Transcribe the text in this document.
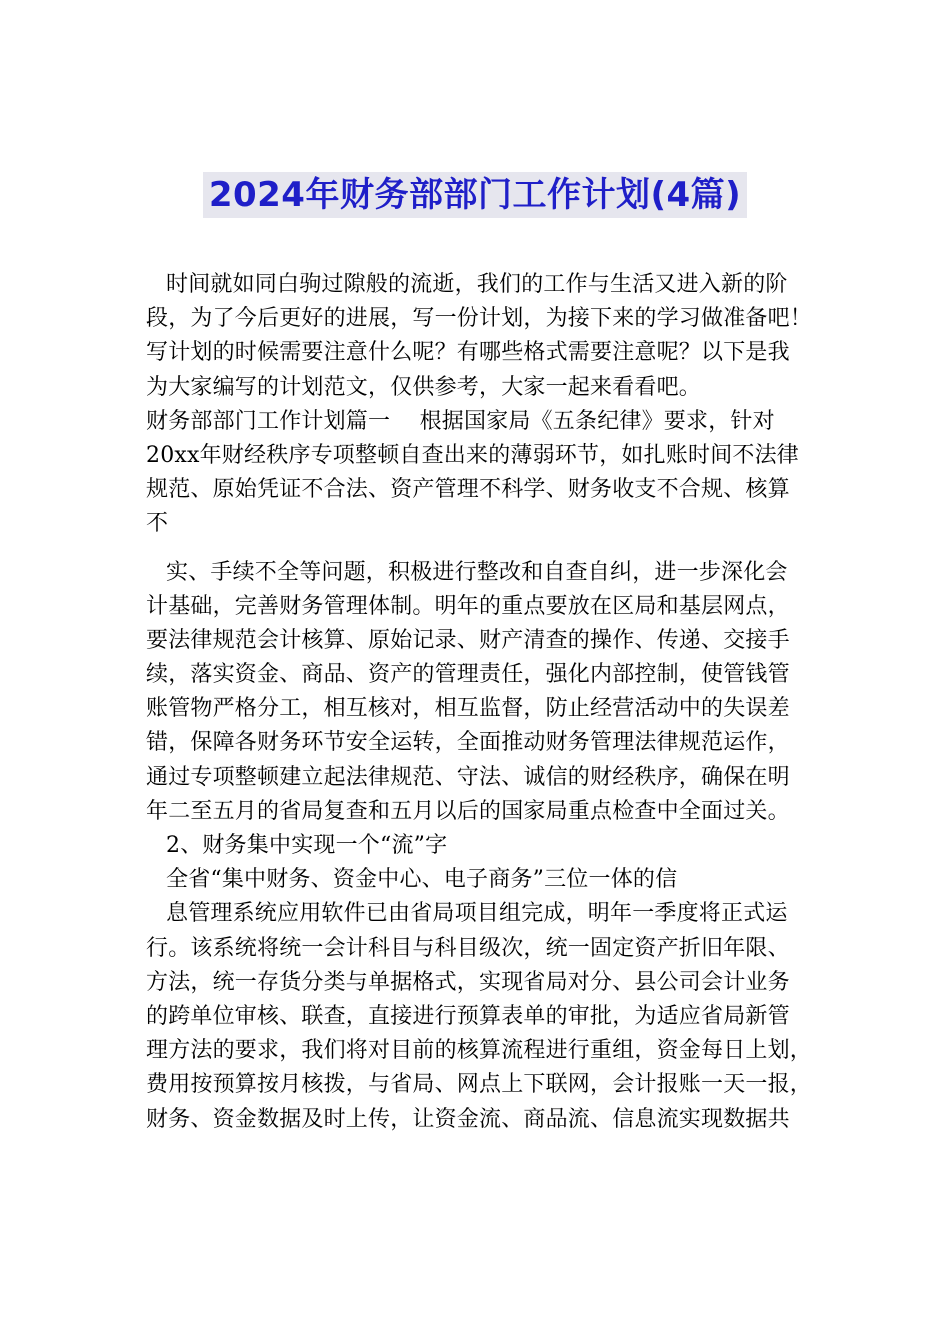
2024年财务部部门工作计划(4篇)
时间就如同白驹过隙般的流逝，我们的工作与生活又进入新的阶
段，为了今后更好的进展，写一份计划，为接下来的学习做准备吧！
写计划的时候需要注意什么呢？有哪些格式需要注意呢？以下是我
为大家编写的计划范文，仅供参考，大家一起来看看吧。
财务部部门工作计划篇一　 根据国家局《五条纪律》要求，针对
20xx年财经秩序专项整顿自查出来的薄弱环节，如扎账时间不法律
规范、原始凭证不合法、资产管理不科学、财务收支不合规、核算
不
实、手续不全等问题，积极进行整改和自查自纠，进一步深化会
计基础，完善财务管理体制。明年的重点要放在区局和基层网点，
要法律规范会计核算、原始记录、财产清查的操作、传递、交接手
续，落实资金、商品、资产的管理责任，强化内部控制，使管钱管
账管物严格分工，相互核对，相互监督，防止经营活动中的失误差
错，保障各财务环节安全运转，全面推动财务管理法律规范运作，
通过专项整顿建立起法律规范、守法、诚信的财经秩序，确保在明
年二至五月的省局复查和五月以后的国家局重点检查中全面过关。
2、财务集中实现一个“流”字
全省“集中财务、资金中心、电子商务”三位一体的信
息管理系统应用软件已由省局项目组完成，明年一季度将正式运
行。该系统将统一会计科目与科目级次，统一固定资产折旧年限、
方法，统一存货分类与单据格式，实现省局对分、县公司会计业务
的跨单位审核、联查，直接进行预算表单的审批，为适应省局新管
理方法的要求，我们将对目前的核算流程进行重组，资金每日上划，
费用按预算按月核拨，与省局、网点上下联网，会计报账一天一报，
财务、资金数据及时上传，让资金流、商品流、信息流实现数据共
